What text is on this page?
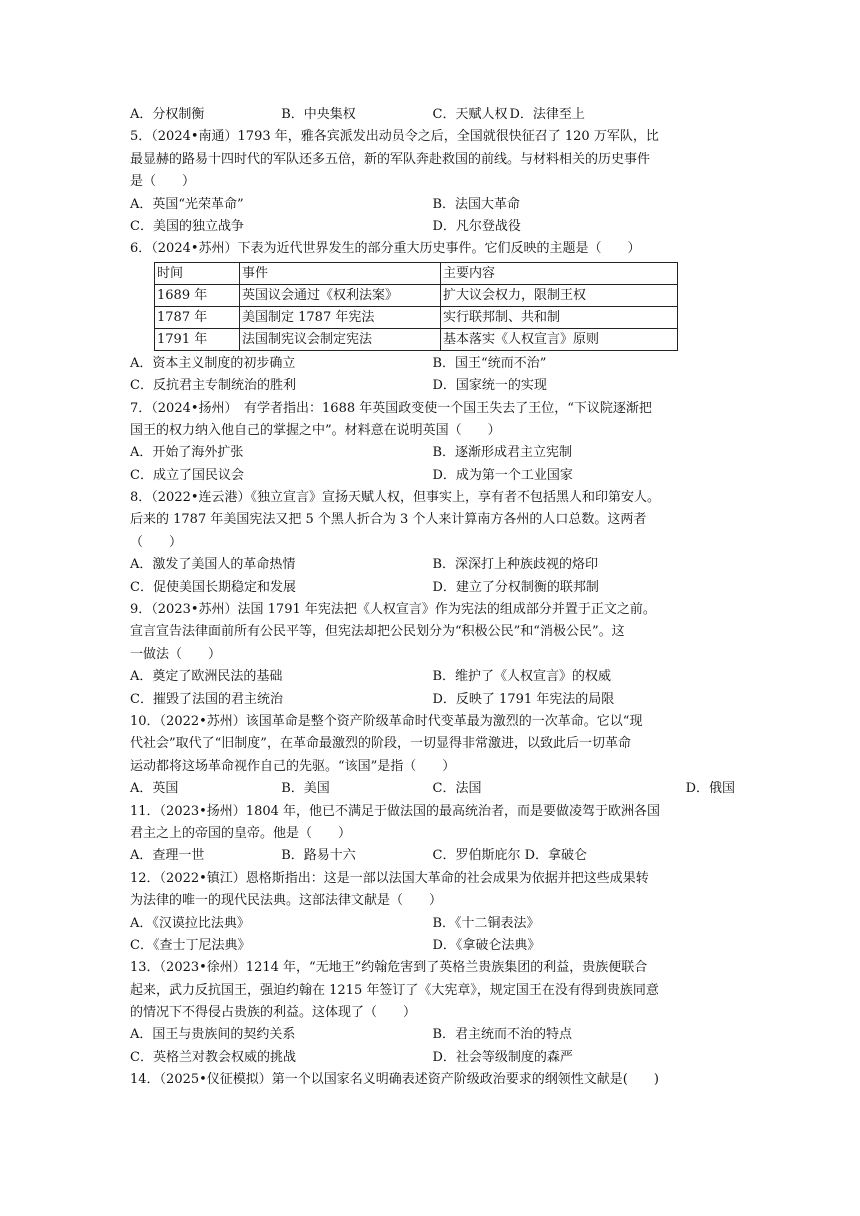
A．分权制衡	B．中央集权	C．天赋人权 D．法律至上
5．（2024•南通）1793 年，雅各宾派发出动员令之后，全国就很快征召了 120 万军队，比
最显赫的路易十四时代的军队还多五倍，新的军队奔赴救国的前线。与材料相关的历史事件
是（　　）
A．英国“光荣革命”	B．法国大革命
C．美国的独立战争	D．凡尔登战役
6．（2024•苏州）下表为近代世界发生的部分重大历史事件。它们反映的主题是（　　）
时间	事件	主要内容
1689 年	英国议会通过《权利法案》	扩大议会权力，限制王权
1787 年	美国制定 1787 年宪法	实行联邦制、共和制
1791 年	法国制宪议会制定宪法	基本落实《人权宣言》原则
A．资本主义制度的初步确立	B．国王“统而不治”
C．反抗君主专制统治的胜利	D．国家统一的实现
7．（2024•扬州）　有学者指出：1688 年英国政变使一个国王失去了王位，“下议院逐渐把
国王的权力纳入他自己的掌握之中”。材料意在说明英国（　　）
A．开始了海外扩张	B．逐渐形成君主立宪制
C．成立了国民议会	D．成为第一个工业国家
8．（2022•连云港）《独立宣言》宣扬天赋人权，但事实上，享有者不包括黑人和印第安人。
后来的 1787 年美国宪法又把 5 个黑人折合为 3 个人来计算南方各州的人口总数。这两者
（　　）
A．激发了美国人的革命热情	B．深深打上种族歧视的烙印
C．促使美国长期稳定和发展	D．建立了分权制衡的联邦制
9．（2023•苏州）法国 1791 年宪法把《人权宣言》作为宪法的组成部分并置于正文之前。
宣言宣告法律面前所有公民平等，但宪法却把公民划分为“积极公民”和“消极公民”。这
一做法（　　）
A．奠定了欧洲民法的基础	B．维护了《人权宣言》的权威
C．摧毁了法国的君主统治	D．反映了 1791 年宪法的局限
10．（2022•苏州）该国革命是整个资产阶级革命时代变革最为激烈的一次革命。它以“现
代社会”取代了“旧制度”，在革命最激烈的阶段，一切显得非常激进，以致此后一切革命
运动都将这场革命视作自己的先驱。“该国”是指（　　）
A．英国	B．美国	C．法国	D．俄国
11．（2023•扬州）1804 年，他已不满足于做法国的最高统治者，而是要做凌驾于欧洲各国
君主之上的帝国的皇帝。他是（　　）
A．查理一世	B．路易十六	C．罗伯斯庇尔 D．拿破仑
12．（2022•镇江）恩格斯指出：这是一部以法国大革命的社会成果为依据并把这些成果转
为法律的唯一的现代民法典。这部法律文献是（　　）
A．《汉谟拉比法典》	B．《十二铜表法》
C．《查士丁尼法典》	D．《拿破仑法典》
13．（2023•徐州）1214 年，“无地王”约翰危害到了英格兰贵族集团的利益，贵族便联合
起来，武力反抗国王，强迫约翰在 1215 年签订了《大宪章》，规定国王在没有得到贵族同意
的情况下不得侵占贵族的利益。这体现了（　　）
A．国王与贵族间的契约关系	B．君主统而不治的特点
C．英格兰对教会权威的挑战	D．社会等级制度的森严
14．（2025•仪征模拟）第一个以国家名义明确表述资产阶级政治要求的纲领性文献是(　　)
